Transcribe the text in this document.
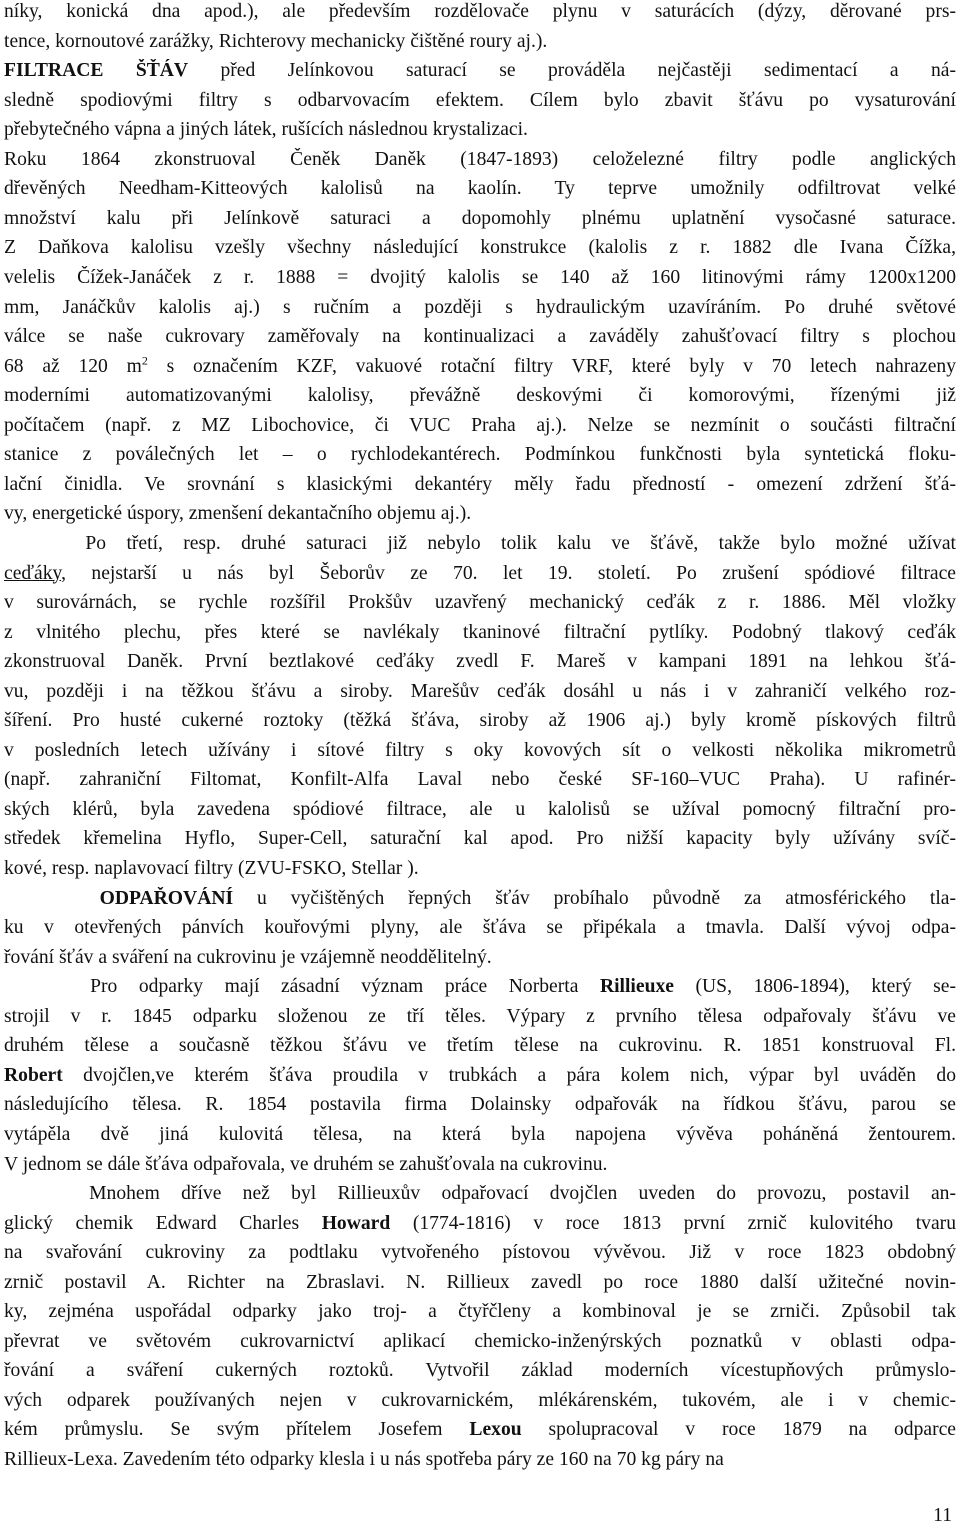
níky, konická dna apod.), ale především rozdělovače plynu v saturácích (dýzy, děrované prs-
tence, kornoutové zarážky, Richterovy mechanicky čištěné roury aj.).
FILTRACE ŠŤÁV před Jelínkovou saturací se prováděla nejčastěji sedimentací a ná-
sledně spodiovými filtry s odbarvovacím efektem. Cílem bylo zbavit šťávu po vysaturování
přebytečného vápna a jiných látek, rušících následnou krystalizaci.
Roku 1864 zkonstruoval Čeněk Daněk (1847-1893) celoželezné filtry podle anglických
dřevěných Needham-Kitteových kalolisů na kaolín. Ty teprve umožnily odfiltrovat velké
množství kalu při Jelínkově saturaci a dopomohly plnému uplatnění vysočasné saturace.
Z Daňkova kalolisu vzešly všechny následující konstrukce (kalolis z r. 1882 dle Ivana Čížka,
velelis Čížek-Janáček z r. 1888 = dvojitý kalolis se 140 až 160 litinovými rámy 1200x1200
mm, Janáčkův kalolis aj.) s ručním a později s hydraulickým uzavíráním. Po druhé světové
válce se naše cukrovary zaměřovaly na kontinualizaci a zaváděly zahušťovací filtry s plochou
68 až 120 $m^2$ s označením KZF, vakuové rotační filtry VRF, které byly v 70 letech nahrazeny
moderními automatizovanými kalolisy, převážně deskovými či komorovými, řízenými již
počítačem (např. z MZ Libochovice, či VUC Praha aj.). Nelze se nezmínit o součásti filtrační
stanice z poválečných let – o rychlodekantérech. Podmínkou funkčnosti byla syntetická floku-
lační činidla. Ve srovnání s klasickými dekantéry měly řadu předností - omezení zdržení šťá-
vy, energetické úspory, zmenšení dekantačního objemu aj.).
Po třetí, resp. druhé saturaci již nebylo tolik kalu ve šťávě, takže bylo možné užívat
ceďáky, nejstarší u nás byl Šeborův ze 70. let 19. století. Po zrušení spódiové filtrace
v surovárnách, se rychle rozšířil Prokšův uzavřený mechanický ceďák z r. 1886. Měl vložky
z vlnitého plechu, přes které se navlékaly tkaninové filtrační pytlíky. Podobný tlakový ceďák
zkonstruoval Daněk. První beztlakové ceďáky zvedl F. Mareš v kampani 1891 na lehkou šťá-
vu, později i na těžkou šťávu a siroby. Marešův ceďák dosáhl u nás i v zahraničí velkého roz-
šíření. Pro husté cukerné roztoky (těžká šťáva, siroby až 1906 aj.) byly kromě pískových filtrů
v posledních letech užívány i sítové filtry s oky kovových sít o velkosti několika mikrometrů
(např. zahraniční Filtomat, Konfilt-Alfa Laval nebo české SF-160–VUC Praha). U rafinér-
ských klérů, byla zavedena spódiové filtrace, ale u kalolisů se užíval pomocný filtrační pro-
středek křemelina Hyflo, Super-Cell, saturační kal apod. Pro nižší kapacity byly užívány svíč-
kové, resp. naplavovací filtry (ZVU-FSKO, Stellar ).
ODPAŘOVÁNÍ u vyčištěných řepných šťáv probíhalo původně za atmosférického tla-
ku v otevřených pánvích kouřovými plyny, ale šťáva se připékala a tmavla. Další vývoj odpa-
řování šťáv a sváření na cukrovinu je vzájemně neoddělitelný.
Pro odparky mají zásadní význam práce Norberta Rillieuxe (US, 1806-1894), který se-
strojil v r. 1845 odparku složenou ze tří těles. Výpary z prvního tělesa odpařovaly šťávu ve
druhém tělese a současně těžkou šťávu ve třetím tělese na cukrovinu. R. 1851 konstruoval Fl.
Robert dvojčlen,ve kterém šťáva proudila v trubkách a pára kolem nich, výpar byl uváděn do
následujícího tělesa. R. 1854 postavila firma Dolainsky odpařovák na řídkou šťávu, parou se
vytápěla dvě jiná kulovitá tělesa, na která byla napojena vývěva poháněná žentourem.
V jednom se dále šťáva odpařovala, ve druhém se zahušťovala na cukrovinu.
Mnohem dříve než byl Rillieuxův odpařovací dvojčlen uveden do provozu, postavil an-
glický chemik Edward Charles Howard (1774-1816) v roce 1813 první zrnič kulovitého tvaru
na svařování cukroviny za podtlaku vytvořeného pístovou vývěvou. Již v roce 1823 obdobný
zrnič postavil A. Richter na Zbraslavi. N. Rillieux zavedl po roce 1880 další užitečné novin-
ky, zejména uspořádal odparky jako troj- a čtyřčleny a kombinoval je se zrniči. Způsobil tak
převrat ve světovém cukrovarnictví aplikací chemicko-inženýrských poznatků v oblasti odpa-
řování a sváření cukerných roztoků. Vytvořil základ moderních vícestupňových průmyslo-
vých odparek používaných nejen v cukrovarnickém, mlékárenském, tukovém, ale i v chemic-
kém průmyslu. Se svým přítelem Josefem Lexou spolupracoval v roce 1879 na odparce
Rillieux-Lexa. Zavedením této odparky klesla i u nás spotřeba páry ze 160 na 70 kg páry na
11
